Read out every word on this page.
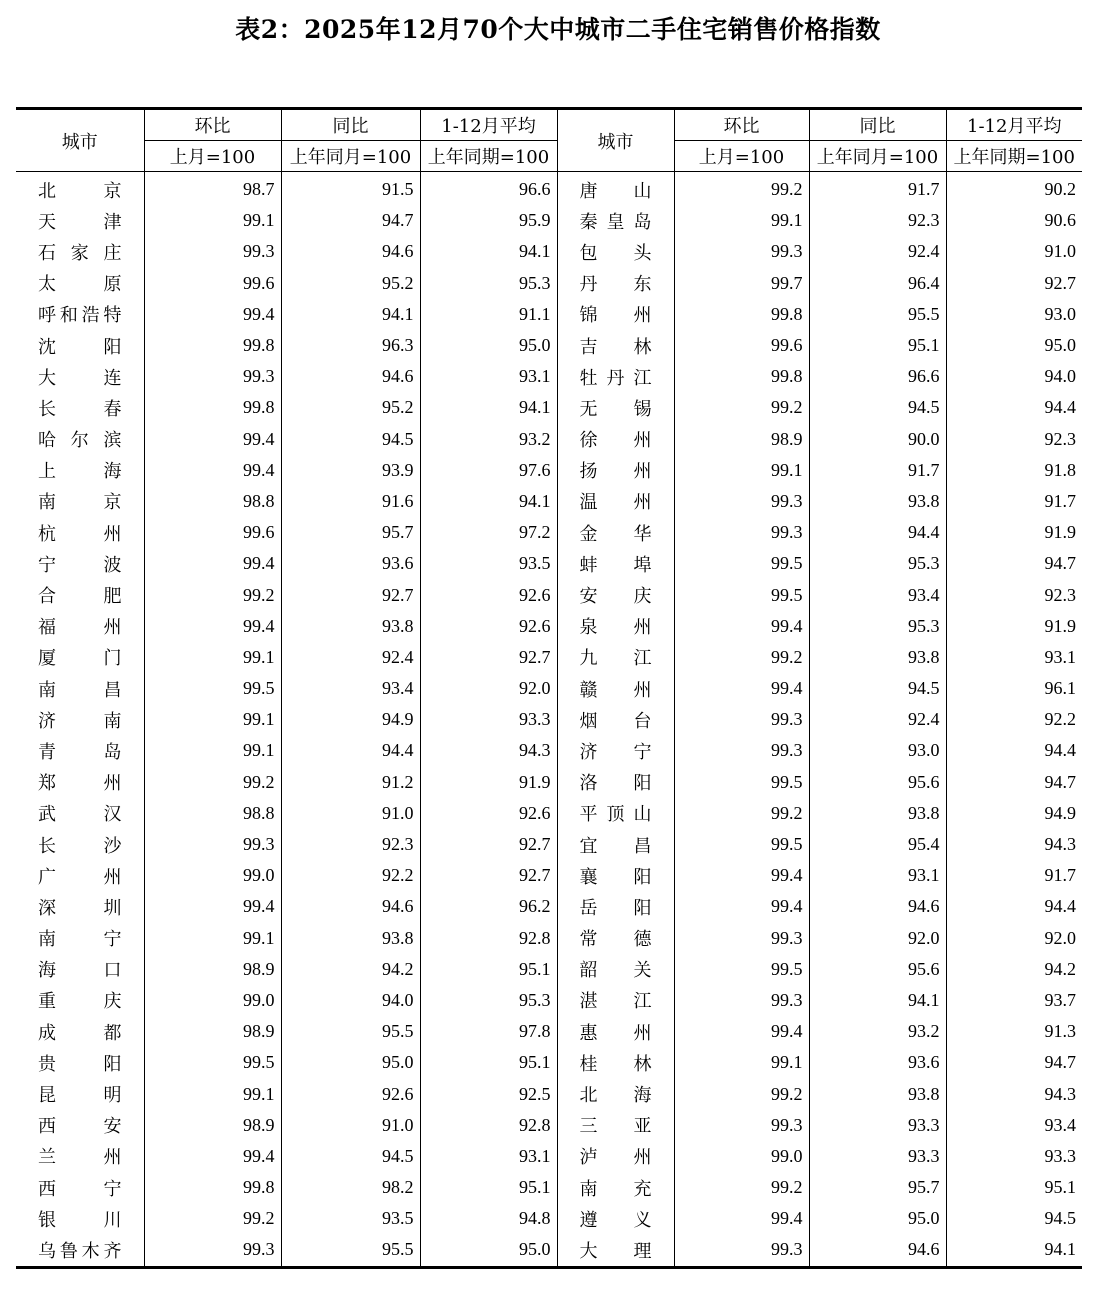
表2：2025年12月70个大中城市二手住宅销售价格指数
城市	环比	同比	1-12月平均	城市	环比	同比	1-12月平均
	上月=100	上年同月=100	上年同期=100		上月=100	上年同月=100	上年同期=100
北京	98.7	91.5	96.6	唐山	99.2	91.7	90.2
天津	99.1	94.7	95.9	秦皇岛	99.1	92.3	90.6
石家庄	99.3	94.6	94.1	包头	99.3	92.4	91.0
太原	99.6	95.2	95.3	丹东	99.7	96.4	92.7
呼和浩特	99.4	94.1	91.1	锦州	99.8	95.5	93.0
沈阳	99.8	96.3	95.0	吉林	99.6	95.1	95.0
大连	99.3	94.6	93.1	牡丹江	99.8	96.6	94.0
长春	99.8	95.2	94.1	无锡	99.2	94.5	94.4
哈尔滨	99.4	94.5	93.2	徐州	98.9	90.0	92.3
上海	99.4	93.9	97.6	扬州	99.1	91.7	91.8
南京	98.8	91.6	94.1	温州	99.3	93.8	91.7
杭州	99.6	95.7	97.2	金华	99.3	94.4	91.9
宁波	99.4	93.6	93.5	蚌埠	99.5	95.3	94.7
合肥	99.2	92.7	92.6	安庆	99.5	93.4	92.3
福州	99.4	93.8	92.6	泉州	99.4	95.3	91.9
厦门	99.1	92.4	92.7	九江	99.2	93.8	93.1
南昌	99.5	93.4	92.0	赣州	99.4	94.5	96.1
济南	99.1	94.9	93.3	烟台	99.3	92.4	92.2
青岛	99.1	94.4	94.3	济宁	99.3	93.0	94.4
郑州	99.2	91.2	91.9	洛阳	99.5	95.6	94.7
武汉	98.8	91.0	92.6	平顶山	99.2	93.8	94.9
长沙	99.3	92.3	92.7	宜昌	99.5	95.4	94.3
广州	99.0	92.2	92.7	襄阳	99.4	93.1	91.7
深圳	99.4	94.6	96.2	岳阳	99.4	94.6	94.4
南宁	99.1	93.8	92.8	常德	99.3	92.0	92.0
海口	98.9	94.2	95.1	韶关	99.5	95.6	94.2
重庆	99.0	94.0	95.3	湛江	99.3	94.1	93.7
成都	98.9	95.5	97.8	惠州	99.4	93.2	91.3
贵阳	99.5	95.0	95.1	桂林	99.1	93.6	94.7
昆明	99.1	92.6	92.5	北海	99.2	93.8	94.3
西安	98.9	91.0	92.8	三亚	99.3	93.3	93.4
兰州	99.4	94.5	93.1	泸州	99.0	93.3	93.3
西宁	99.8	98.2	95.1	南充	99.2	95.7	95.1
银川	99.2	93.5	94.8	遵义	99.4	95.0	94.5
乌鲁木齐	99.3	95.5	95.0	大理	99.3	94.6	94.1
